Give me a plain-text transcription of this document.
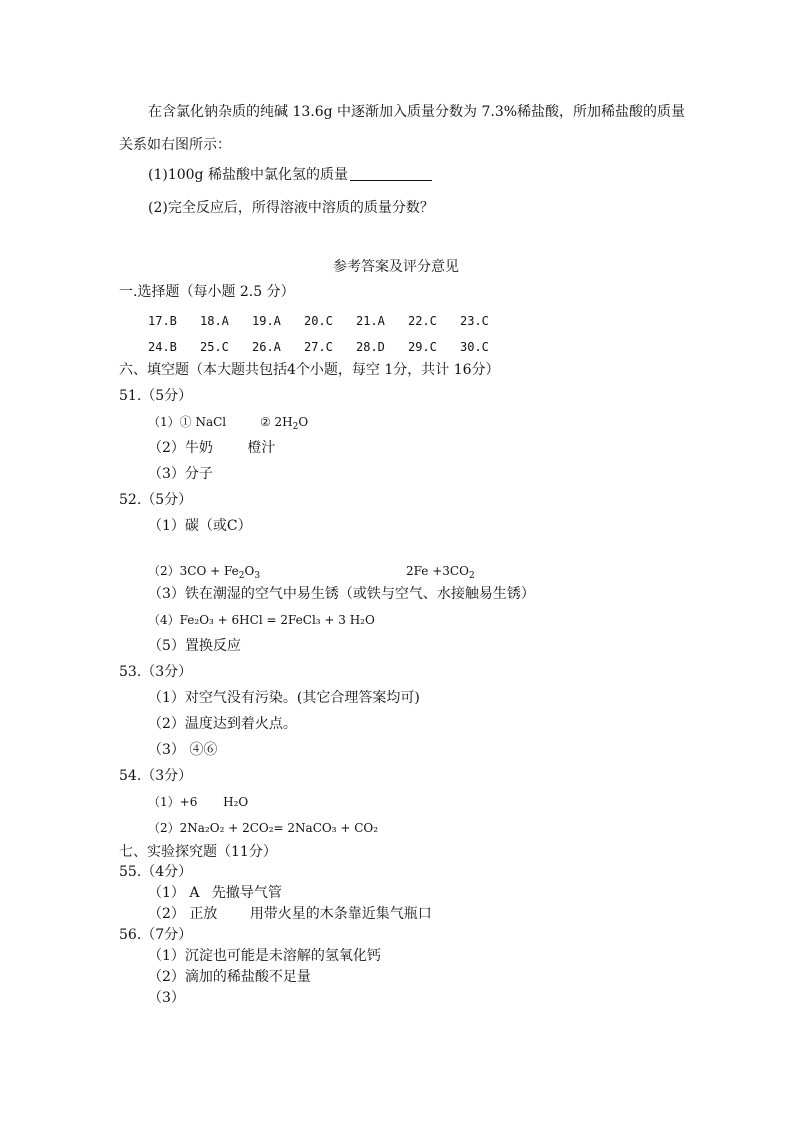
在含氯化钠杂质的纯碱 13.6g 中逐渐加入质量分数为 7.3%稀盐酸，所加稀盐酸的质量
关系如右图所示：
(1)100g 稀盐酸中氯化氢的质量
(2)完全反应后，所得溶液中溶质的质量分数？
参考答案及评分意见
一.选择题（每小题 2.5 分）
17.B 18.A 19.A 20.C 21.A 22.C 23.C
24.B 25.C 26.A 27.C 28.D 29.C 30.C
六、填空题（本大题共包括4个小题，每空 1分，共计 16分）
51.（5分）
（1）① NaCl	② $2H_2O$
（2）牛奶 橙汁
（3）分子
52.（5分）
（1）碳（或C）
$(2)3CO + Fe_2O_3$	$2Fe +3CO_2$
（3）铁在潮湿的空气中易生锈（或铁与空气、水接触易生锈）
（4）Fe₂O₃ + 6HCl = 2FeCl₃ + 3 H₂O
（5）置换反应
53.（3分）
（1）对空气没有污染。(其它合理答案均可)
（2）温度达到着火点。
（3） ④⑥
54.（3分）
（1）+6 H₂O
（2）2Na₂O₂ + 2CO₂= 2NaCO₃ + CO₂
七、实验探究题（11分）
55.（4分）
（1） A 先撤导气管
（2） 正放 用带火星的木条靠近集气瓶口
56.（7分）
（1）沉淀也可能是未溶解的氢氧化钙
（2）滴加的稀盐酸不足量
（3）
